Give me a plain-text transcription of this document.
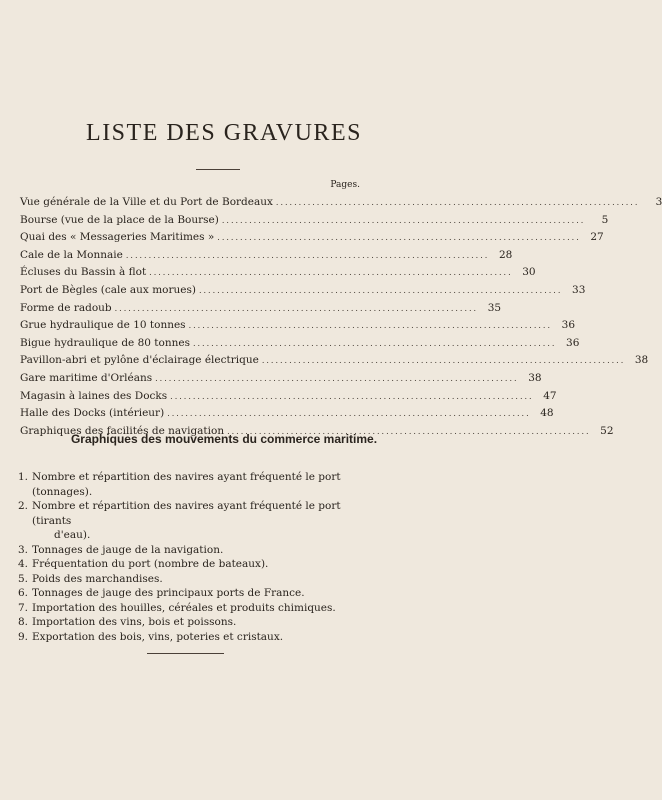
LISTE DES GRAVURES
Pages.
Vue générale de la Ville et du Port de Bordeaux ................................................................................	3
Bourse (vue de la place de la Bourse) ................................................................................	5
Quai des « Messageries Maritimes » ................................................................................ 27
Cale de la Monnaie ................................................................................ 28
Écluses du Bassin à flot ................................................................................ 30
Port de Bègles (cale aux morues) ................................................................................ 33
Forme de radoub ................................................................................ 35
Grue hydraulique de 10 tonnes ................................................................................ 36
Bigue hydraulique de 80 tonnes ................................................................................ 36
Pavillon-abri et pylône d'éclairage électrique ................................................................................ 38
Gare maritime d'Orléans ................................................................................ 38
Magasin à laines des Docks ................................................................................ 47
Halle des Docks (intérieur) ................................................................................ 48
Graphiques des facilités de navigation ................................................................................ 52
Graphiques des mouvements du commerce maritime.
1. Nombre et répartition des navires ayant fréquenté le port (tonnages).
2. Nombre et répartition des navires ayant fréquenté le port (tirants
d'eau).
3. Tonnages de jauge de la navigation.
4. Fréquentation du port (nombre de bateaux).
5. Poids des marchandises.
6. Tonnages de jauge des principaux ports de France.
7. Importation des houilles, céréales et produits chimiques.
8. Importation des vins, bois et poissons.
9. Exportation des bois, vins, poteries et cristaux.
